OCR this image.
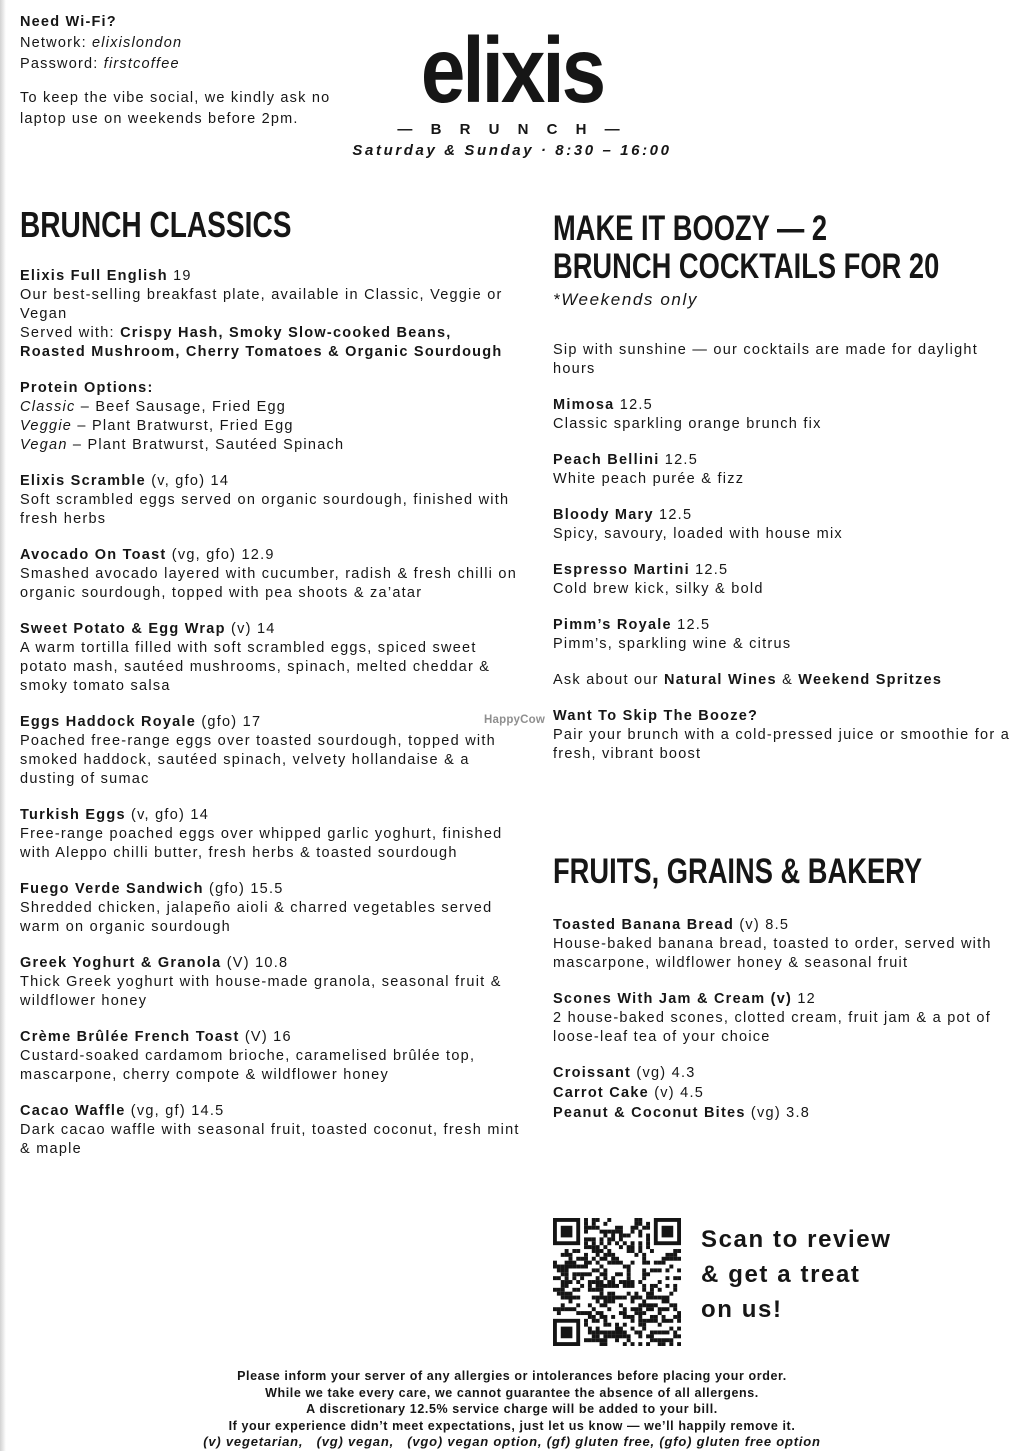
Need Wi-Fi?
Network: elixislondon
Password: firstcoffee
To keep the vibe social, we kindly ask no laptop use on weekends before 2pm.	elixis
— B R U N C H —
Saturday & Sunday · 8:30 – 16:00
BRUNCH CLASSICS
Elixis Full English 19
Our best-selling breakfast plate, available in Classic, Veggie or Vegan
Served with: Crispy Hash, Smoky Slow-cooked Beans, Roasted Mushroom, Cherry Tomatoes & Organic Sourdough
Protein Options:
Classic – Beef Sausage, Fried Egg
Veggie – Plant Bratwurst, Fried Egg
Vegan – Plant Bratwurst, Sautéed Spinach
Elixis Scramble (v, gfo) 14
Soft scrambled eggs served on organic sourdough, finished with fresh herbs
Avocado On Toast (vg, gfo) 12.9
Smashed avocado layered with cucumber, radish & fresh chilli on organic sourdough, topped with pea shoots & za’atar
Sweet Potato & Egg Wrap (v) 14
A warm tortilla filled with soft scrambled eggs, spiced sweet potato mash, sautéed mushrooms, spinach, melted cheddar & smoky tomato salsa
Eggs Haddock Royale (gfo) 17
Poached free-range eggs over toasted sourdough, topped with smoked haddock, sautéed spinach, velvety hollandaise & a dusting of sumac
Turkish Eggs (v, gfo) 14
Free-range poached eggs over whipped garlic yoghurt, finished with Aleppo chilli butter, fresh herbs & toasted sourdough
Fuego Verde Sandwich (gfo) 15.5
Shredded chicken, jalapeño aioli & charred vegetables served warm on organic sourdough
Greek Yoghurt & Granola (V) 10.8
Thick Greek yoghurt with house-made granola, seasonal fruit & wildflower honey
Crème Brûlée French Toast (V) 16
Custard-soaked cardamom brioche, caramelised brûlée top, mascarpone, cherry compote & wildflower honey
Cacao Waffle (vg, gf) 14.5
Dark cacao waffle with seasonal fruit, toasted coconut, fresh mint & maple
MAKE IT BOOZY — 2
BRUNCH COCKTAILS FOR 20
*Weekends only
Sip with sunshine — our cocktails are made for daylight hours
Mimosa 12.5
Classic sparkling orange brunch fix
Peach Bellini 12.5
White peach purée & fizz
Bloody Mary 12.5
Spicy, savoury, loaded with house mix
Espresso Martini 12.5
Cold brew kick, silky & bold
Pimm’s Royale 12.5
Pimm’s, sparkling wine & citrus
Ask about our Natural Wines & Weekend Spritzes
Want To Skip The Booze?
Pair your brunch with a cold-pressed juice or smoothie for a fresh, vibrant boost
FRUITS, GRAINS & BAKERY
Toasted Banana Bread (v) 8.5
House-baked banana bread, toasted to order, served with mascarpone, wildflower honey & seasonal fruit
Scones With Jam & Cream (v) 12
2 house-baked scones, clotted cream, fruit jam & a pot of loose-leaf tea of your choice
Croissant (vg) 4.3
Carrot Cake (v) 4.5
Peanut & Coconut Bites (vg) 3.8
HappyCow
Scan to review
& get a treat
on us!
Please inform your server of any allergies or intolerances before placing your order.
While we take every care, we cannot guarantee the absence of all allergens.
A discretionary 12.5% service charge will be added to your bill.
If your experience didn’t meet expectations, just let us know — we’ll happily remove it.
(v) vegetarian,   (vg) vegan,   (vgo) vegan option, (gf) gluten free, (gfo) gluten free option
